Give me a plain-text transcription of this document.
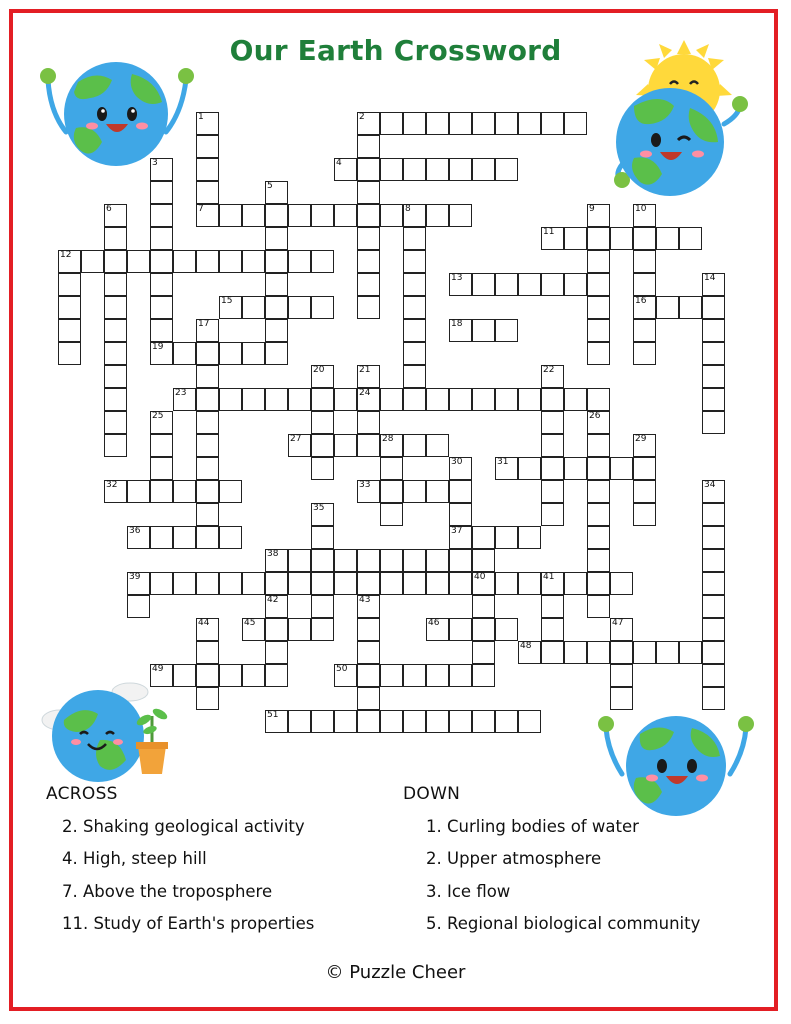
Our Earth Crossword
1	2
3	4
5
6	7	8	9	10
16
11
12
13	14
15
17	18
19
20	21
24
22
23
25	26
27	28	29
30
37
31
32	33	34
35
36
38
39	40	41
42	43
44	45	46	47
48
49	50
51
ACROSS	DOWN
2. Shaking geological activity
4. High, steep hill
7. Above the troposphere
11. Study of Earth's properties
1. Curling bodies of water
2. Upper atmosphere
3. Ice flow
5. Regional biological community
© Puzzle Cheer
